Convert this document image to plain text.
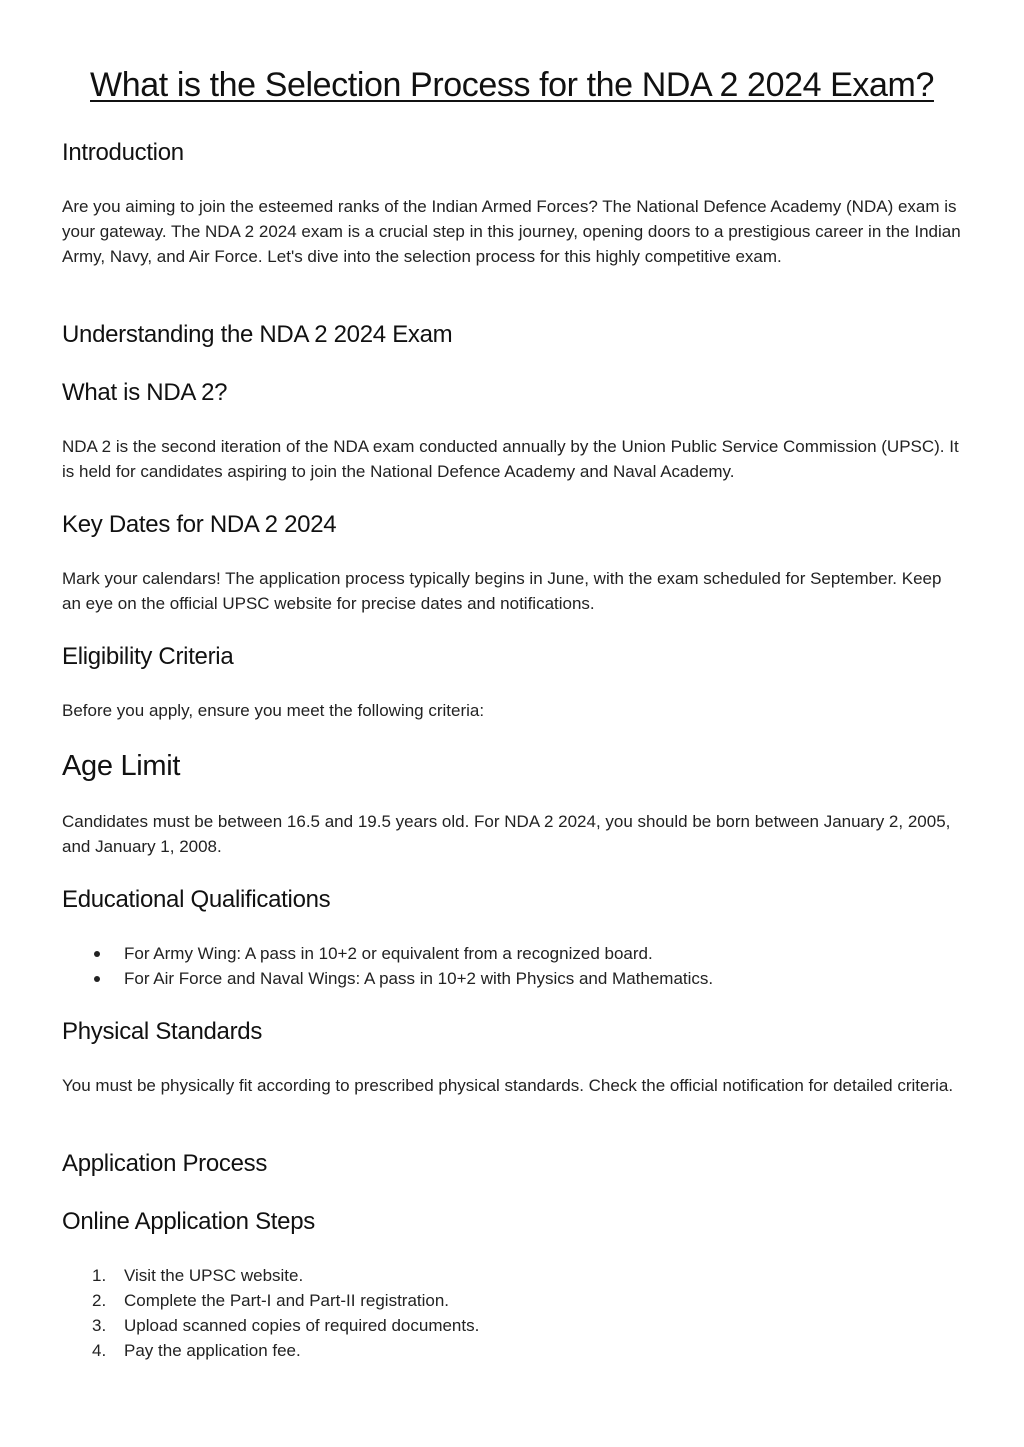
What is the Selection Process for the NDA 2 2024 Exam?
Introduction

Are you aiming to join the esteemed ranks of the Indian Armed Forces? The National Defence Academy (NDA) exam is your gateway. The NDA 2 2024 exam is a crucial step in this journey, opening doors to a prestigious career in the Indian Army, Navy, and Air Force. Let's dive into the selection process for this highly competitive exam.

Understanding the NDA 2 2024 Exam
What is NDA 2?

NDA 2 is the second iteration of the NDA exam conducted annually by the Union Public Service Commission (UPSC). It is held for candidates aspiring to join the National Defence Academy and Naval Academy.

Key Dates for NDA 2 2024

Mark your calendars! The application process typically begins in June, with the exam scheduled for September. Keep an eye on the official UPSC website for precise dates and notifications.

Eligibility Criteria

Before you apply, ensure you meet the following criteria:

Age Limit

Candidates must be between 16.5 and 19.5 years old. For NDA 2 2024, you should be born between January 2, 2005, and January 1, 2008.

Educational Qualifications
For Army Wing: A pass in 10+2 or equivalent from a recognized board.
For Air Force and Naval Wings: A pass in 10+2 with Physics and Mathematics.
Physical Standards

You must be physically fit according to prescribed physical standards. Check the official notification for detailed criteria.

Application Process
Online Application Steps
1. Visit the UPSC website.
2. Complete the Part-I and Part-II registration.
3. Upload scanned copies of required documents.
4. Pay the application fee.
